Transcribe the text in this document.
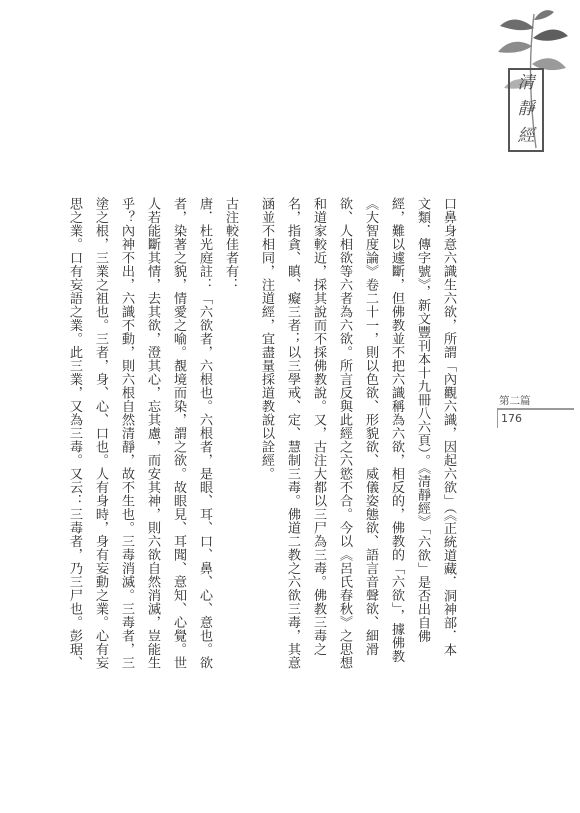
清
靜
經
第二篇
176

口鼻身意六識生六欲，所謂「內觀六識，因起六欲」（《正統道藏．洞神部．本

文類．傳字號》，新文豐刊本十九冊八六頁）。《清靜經》「六欲」是否出自佛

經，難以遽斷，但佛教並不把六識稱為六欲，相反的，佛教的「六欲」，據佛教

《大智度論》卷二十一，則以色欲、形貌欲、威儀姿態欲、語言音聲欲、細滑

欲、人相欲等六者為六欲。所言反與此經之六慾不合。今以《呂氏春秋》之思想

和道家較近，採其說而不採佛教說。又，古注大都以三尸為三毒。佛教三毒之

名，指貪、瞋、癡三者；以三學戒、定、慧制三毒。佛道二教之六欲三毒，其意

涵並不相同，注道經，宜盡量採道教說以詮經。

古注較佳者有：

唐．杜光庭註：「六欲者，六根也。六根者，是眼、耳、口、鼻、心、意也。欲

者，染著之貌，情愛之喻。覩境而染，謂之欲。故眼見、耳聞、意知、心覺。世

人若能斷其情，去其欲，澄其心，忘其慮，而安其神，則六欲自然消滅，豈能生

乎？內神不出，六識不動，則六根自然清靜，故不生也。三毒消滅。三毒者，三

塗之根，三業之祖也。三者，身、心、口也。人有身時，身有妄動之業。心有妄

思之業。口有妄語之業。此三業，又為三毒。又云：三毒者，乃三尸也。彭琚、
